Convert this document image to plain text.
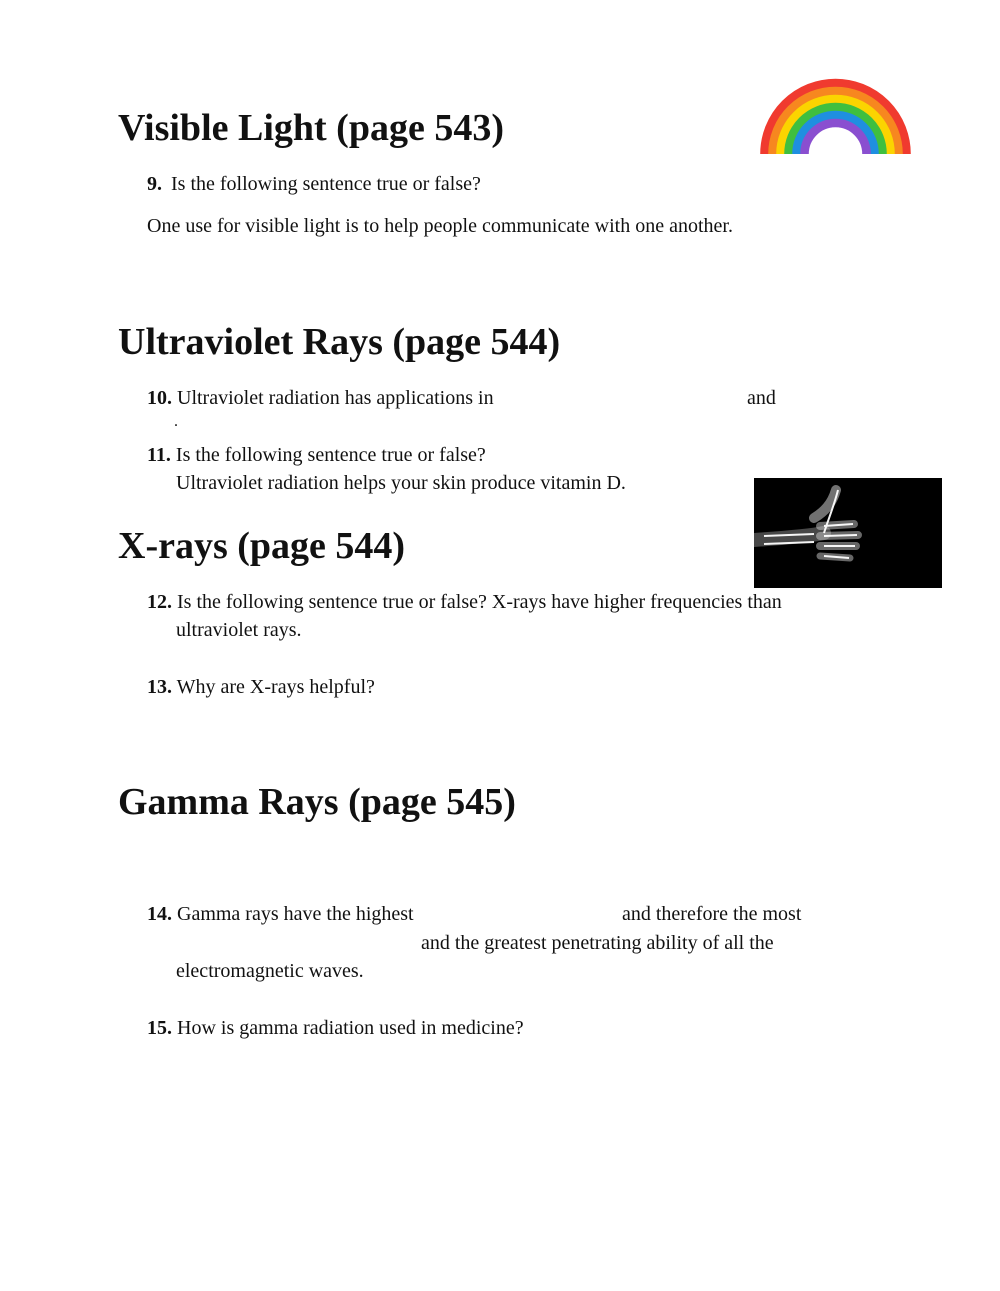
Visible Light (page 543)
9. Is the following sentence true or false?
One use for visible light is to help people communicate with one another.
Ultraviolet Rays (page 544)
10. Ultraviolet radiation has applications in	and
.
11. Is the following sentence true or false?
Ultraviolet radiation helps your skin produce vitamin D.
X-rays (page 544)
12. Is the following sentence true or false? X-rays have higher frequencies than
ultraviolet rays.
13. Why are X-rays helpful?
Gamma Rays (page 545)
14. Gamma rays have the highest	and therefore the most
and the greatest penetrating ability of all the
electromagnetic waves.
15. How is gamma radiation used in medicine?
